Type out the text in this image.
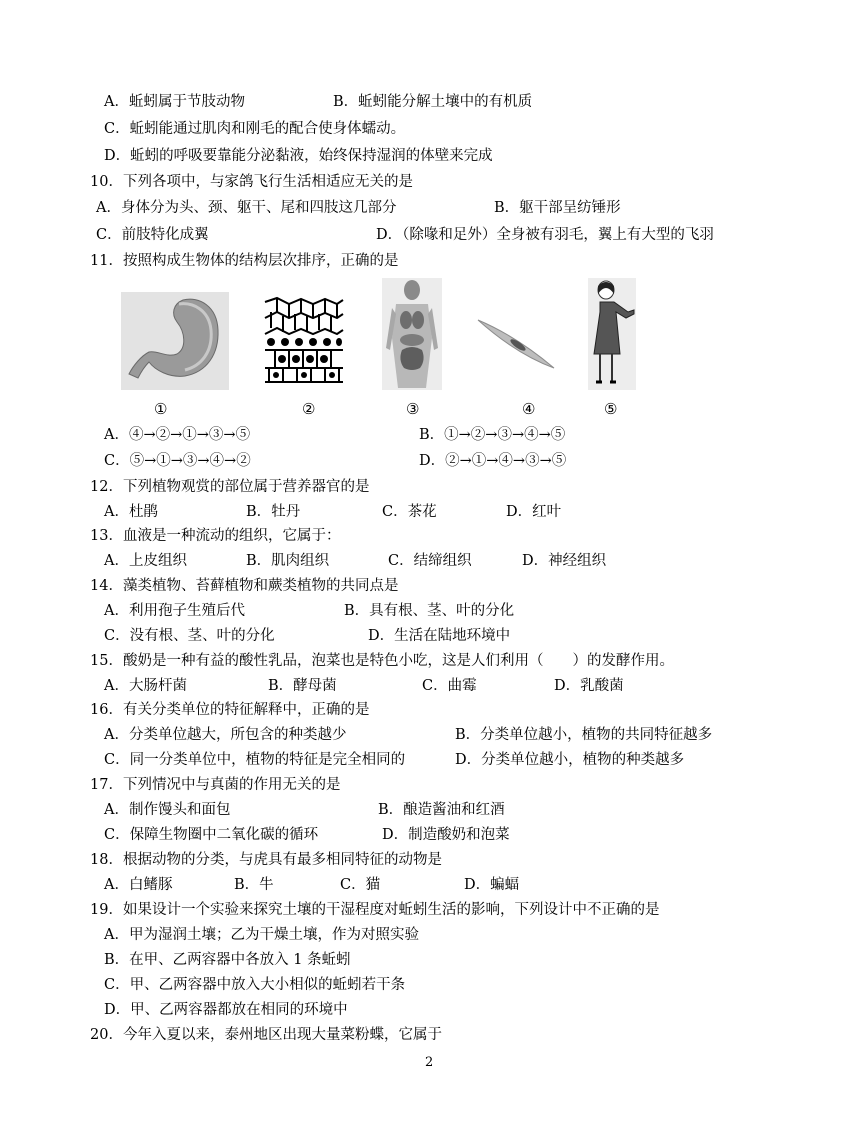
A．蚯蚓属于节肢动物	B．蚯蚓能分解土壤中的有机质
C．蚯蚓能通过肌肉和刚毛的配合使身体蠕动。
D．蚯蚓的呼吸要靠能分泌黏液，始终保持湿润的体壁来完成
10．下列各项中，与家鸽飞行生活相适应无关的是
A．身体分为头、颈、躯干、尾和四肢这几部分	B．躯干部呈纺锤形
C．前肢特化成翼	D．（除喙和足外）全身被有羽毛，翼上有大型的飞羽
11．按照构成生物体的结构层次排序，正确的是
①	②	③	④	⑤
A．④→②→①→③→⑤	B．①→②→③→④→⑤
C．⑤→①→③→④→②	D．②→①→④→③→⑤
12．下列植物观赏的部位属于营养器官的是
A．杜鹃	B．牡丹	C．茶花	D．红叶
13．血液是一种流动的组织，它属于：
A．上皮组织	B．肌肉组织	C．结缔组织	D．神经组织
14．藻类植物、苔藓植物和蕨类植物的共同点是
A．利用孢子生殖后代	B．具有根、茎、叶的分化
C．没有根、茎、叶的分化	D．生活在陆地环境中
15．酸奶是一种有益的酸性乳品，泡菜也是特色小吃，这是人们利用（　　）的发酵作用。
A．大肠杆菌	B．酵母菌	C．曲霉	D．乳酸菌
16．有关分类单位的特征解释中，正确的是
A．分类单位越大，所包含的种类越少	B．分类单位越小，植物的共同特征越多
C．同一分类单位中，植物的特征是完全相同的	D．分类单位越小，植物的种类越多
17．下列情况中与真菌的作用无关的是
A．制作馒头和面包	B．酿造酱油和红酒
C．保障生物圈中二氧化碳的循环	D．制造酸奶和泡菜
18．根据动物的分类，与虎具有最多相同特征的动物是
A．白鳍豚	B．牛	C．猫	D．蝙蝠
19．如果设计一个实验来探究土壤的干湿程度对蚯蚓生活的影响，下列设计中不正确的是
A．甲为湿润土壤；乙为干燥土壤，作为对照实验
B．在甲、乙两容器中各放入 1 条蚯蚓
C．甲、乙两容器中放入大小相似的蚯蚓若干条
D．甲、乙两容器都放在相同的环境中
20．今年入夏以来，泰州地区出现大量菜粉蝶，它属于
2
